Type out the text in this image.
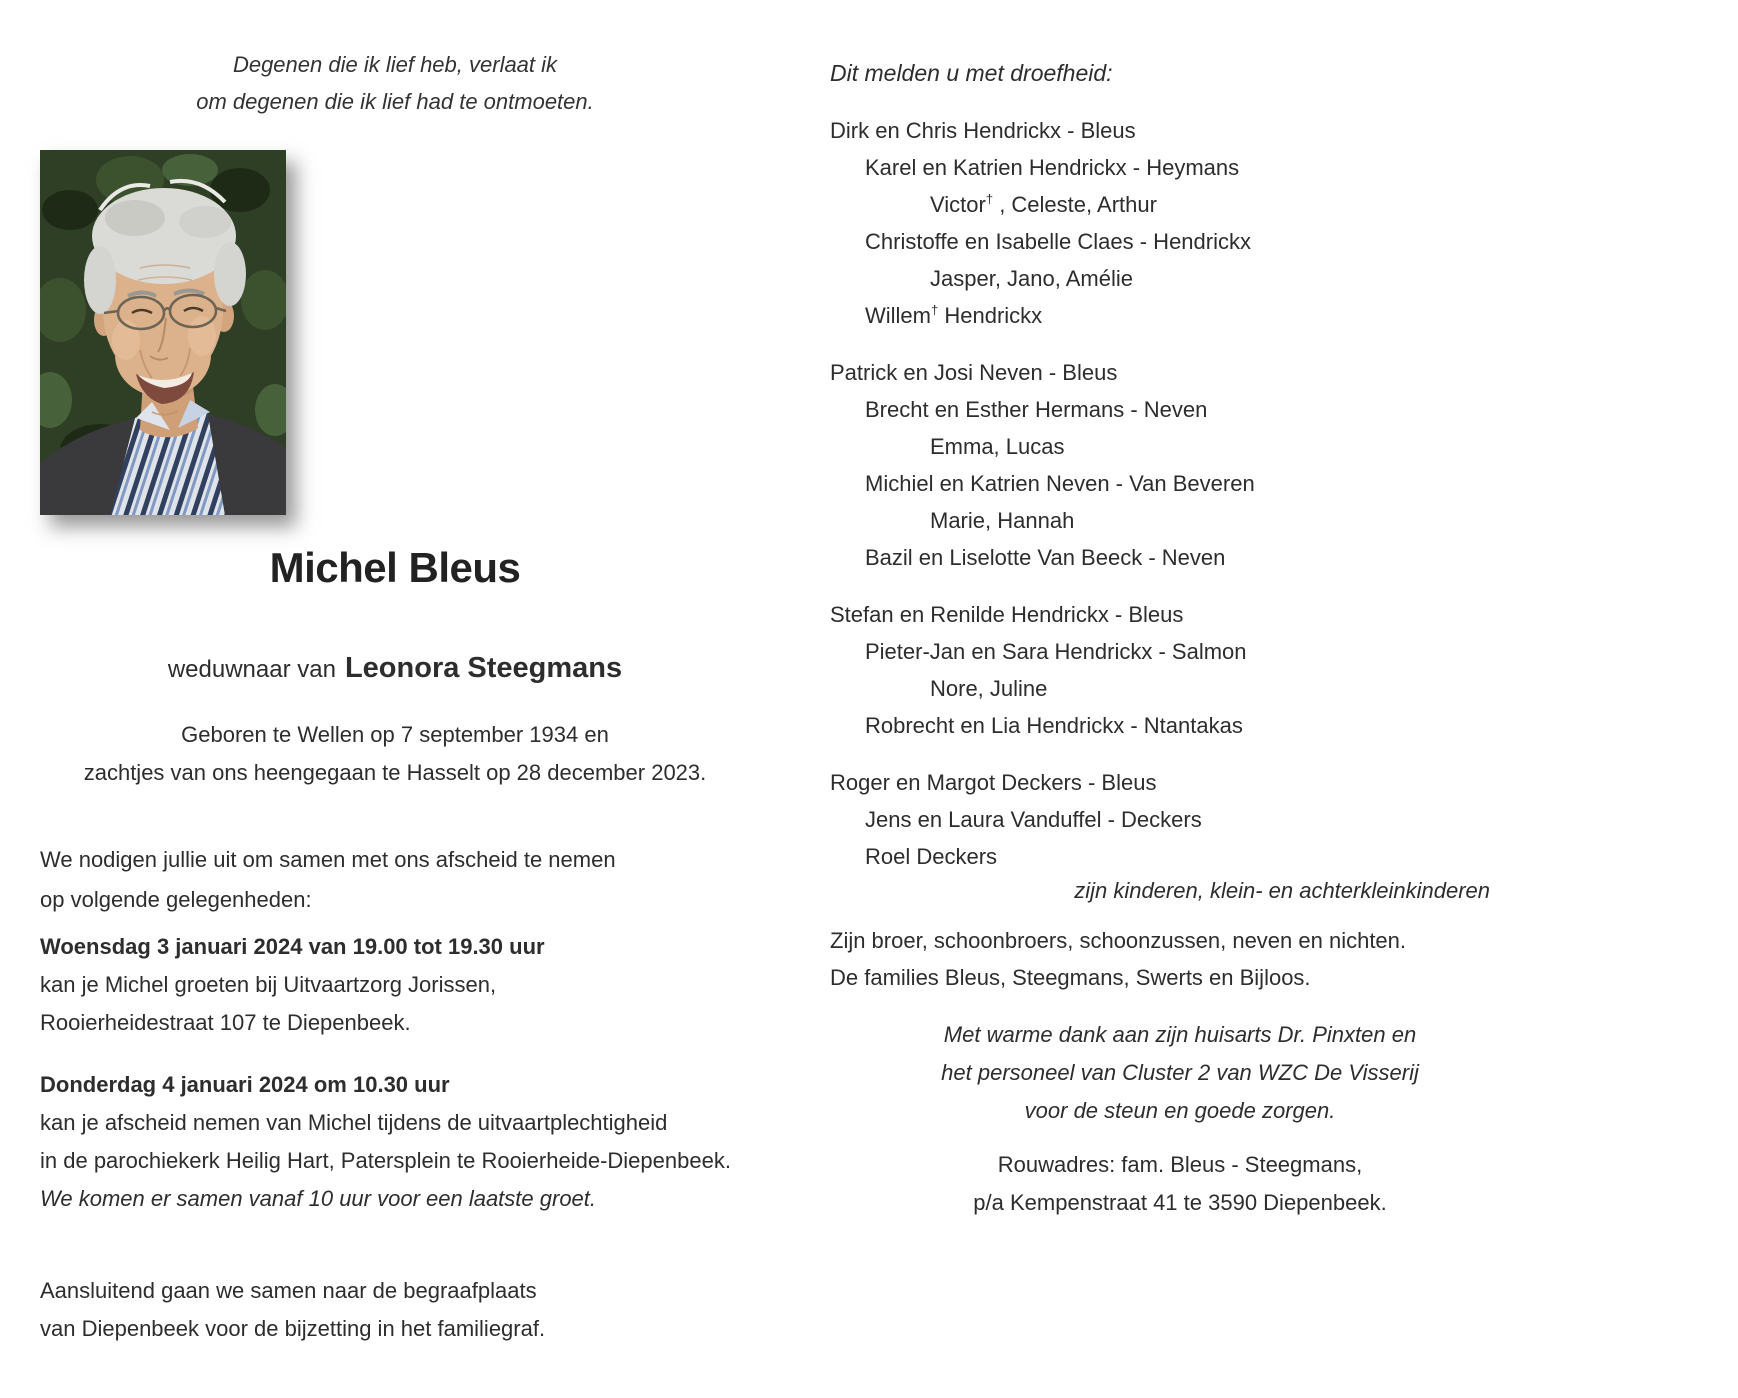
Degenen die ik lief heb, verlaat ik
om degenen die ik lief had te ontmoeten.
Michel Bleus
weduwnaar van Leonora Steegmans
Geboren te Wellen op 7 september 1934 en
zachtjes van ons heengegaan te Hasselt op 28 december 2023.
We nodigen jullie uit om samen met ons afscheid te nemen
op volgende gelegenheden:
Woensdag 3 januari 2024 van 19.00 tot 19.30 uur
kan je Michel groeten bij Uitvaartzorg Jorissen,
Rooierheidestraat 107 te Diepenbeek.
Donderdag 4 januari 2024 om 10.30 uur
kan je afscheid nemen van Michel tijdens de uitvaartplechtigheid
in de parochiekerk Heilig Hart, Patersplein te Rooierheide-Diepenbeek.
We komen er samen vanaf 10 uur voor een laatste groet.
Aansluitend gaan we samen naar de begraafplaats
van Diepenbeek voor de bijzetting in het familiegraf.
Dit melden u met droefheid:
Dirk en Chris Hendrickx - Bleus
Karel en Katrien Hendrickx - Heymans
Victor† , Celeste, Arthur
Christoffe en Isabelle Claes - Hendrickx
Jasper, Jano, Amélie
Willem† Hendrickx
Patrick en Josi Neven - Bleus
Brecht en Esther Hermans - Neven
Emma, Lucas
Michiel en Katrien Neven - Van Beveren
Marie, Hannah
Bazil en Liselotte Van Beeck - Neven
Stefan en Renilde Hendrickx - Bleus
Pieter-Jan en Sara Hendrickx - Salmon
Nore, Juline
Robrecht en Lia Hendrickx - Ntantakas
Roger en Margot Deckers - Bleus
Jens en Laura Vanduffel - Deckers
Roel Deckers
zijn kinderen, klein- en achterkleinkinderen
Zijn broer, schoonbroers, schoonzussen, neven en nichten.
De families Bleus, Steegmans, Swerts en Bijloos.
Met warme dank aan zijn huisarts Dr. Pinxten en
het personeel van Cluster 2 van WZC De Visserij
voor de steun en goede zorgen.
Rouwadres: fam. Bleus - Steegmans,
p/a Kempenstraat 41 te 3590 Diepenbeek.
